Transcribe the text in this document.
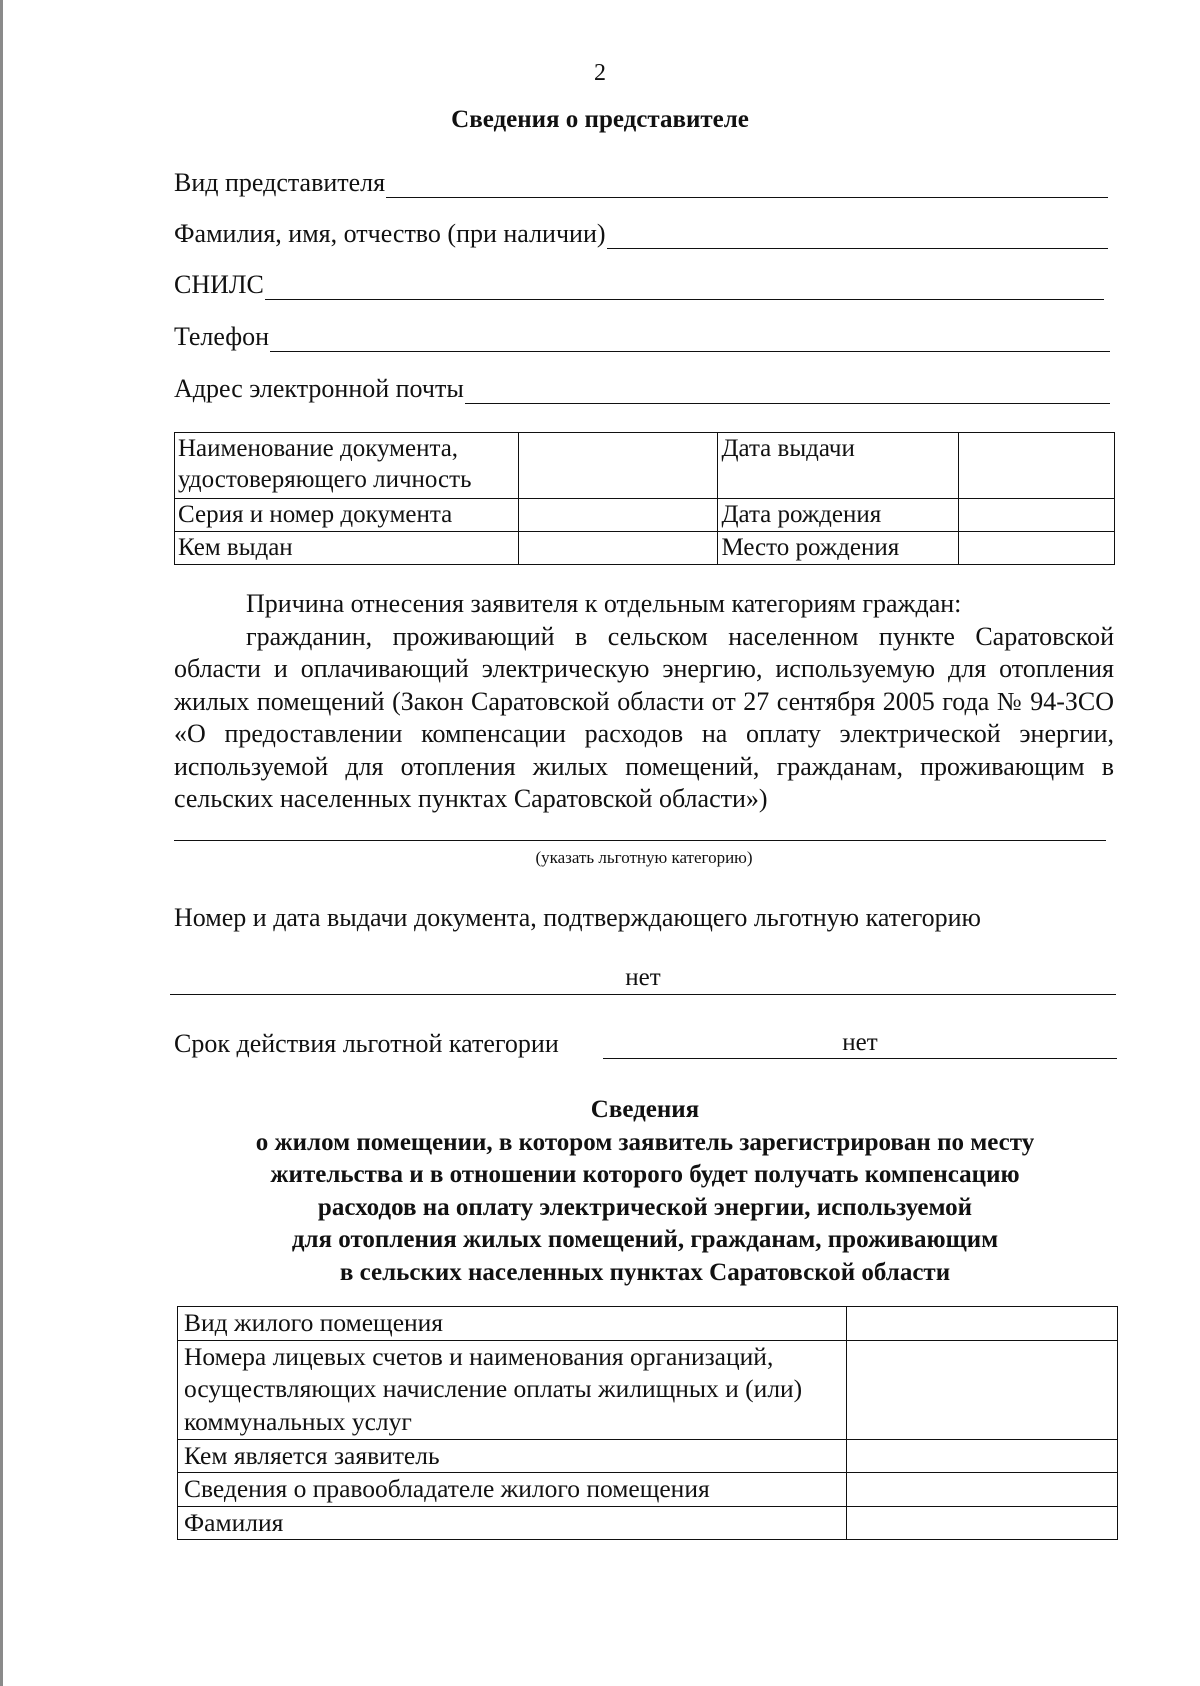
2
Сведения о представителе
Вид представителя
Фамилия, имя, отчество (при наличии)
СНИЛС
Телефон
Адрес электронной почты
Наименование документа, удостоверяющего личность		Дата выдачи	
Серия и номер документа		Дата рождения	
Кем выдан		Место рождения	

Причина отнесения заявителя к отдельным категориям граждан:

гражданин, проживающий в сельском населенном пункте Саратовской области и оплачивающий электрическую энергию, используемую для отопления жилых помещений (Закон Саратовской области от 27 сентября 2005 года № 94-ЗСО «О предоставлении компенсации расходов на оплату электрической энергии, используемой для отопления жилых помещений, гражданам, проживающим в сельских населенных пунктах Саратовской области»)

(указать льготную категорию)
Номер и дата выдачи документа, подтверждающего льготную категорию
нет
Срок действия льготной категории	нет
Сведения
о жилом помещении, в котором заявитель зарегистрирован по месту
жительства и в отношении которого будет получать компенсацию
расходов на оплату электрической энергии, используемой
для отопления жилых помещений, гражданам, проживающим
в сельских населенных пунктах Саратовской области
Вид жилого помещения	
Номера лицевых счетов и наименования организаций, осуществляющих начисление оплаты жилищных и (или) коммунальных услуг	
Кем является заявитель	
Сведения о правообладателе жилого помещения	
Фамилия	
